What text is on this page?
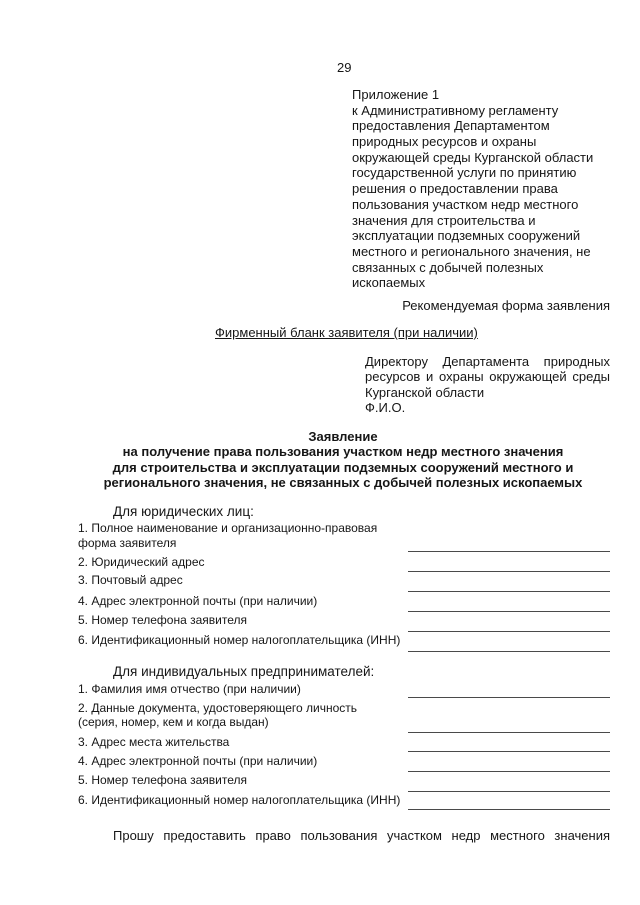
29
Приложение 1
к Административному регламенту
предоставления Департаментом
природных ресурсов и охраны
окружающей среды Курганской области
государственной услуги по принятию
решения о предоставлении права
пользования участком недр местного
значения для строительства и
эксплуатации подземных сооружений
местного и регионального значения, не
связанных с добычей полезных
ископаемых
Рекомендуемая форма заявления
Фирменный бланк заявителя (при наличии)
Директору Департамента природных
ресурсов и охраны окружающей среды
Курганской области
Ф.И.О.
Заявление
на получение права пользования участком недр местного значения
для строительства и эксплуатации подземных сооружений местного и
регионального значения, не связанных с добычей полезных ископаемых
Для юридических лиц:
1. Полное наименование и организационно-правовая
форма заявителя
2. Юридический адрес
3. Почтовый адрес
4. Адрес электронной почты (при наличии)
5. Номер телефона заявителя
6. Идентификационный номер налогоплательщика (ИНН)
Для индивидуальных предпринимателей:
1. Фамилия имя отчество (при наличии)
2. Данные документа, удостоверяющего личность
(серия, номер, кем и когда выдан)
3. Адрес места жительства
4. Адрес электронной почты (при наличии)
5. Номер телефона заявителя
6. Идентификационный номер налогоплательщика (ИНН)
Прошу предоставить право пользования участком недр местного значения
